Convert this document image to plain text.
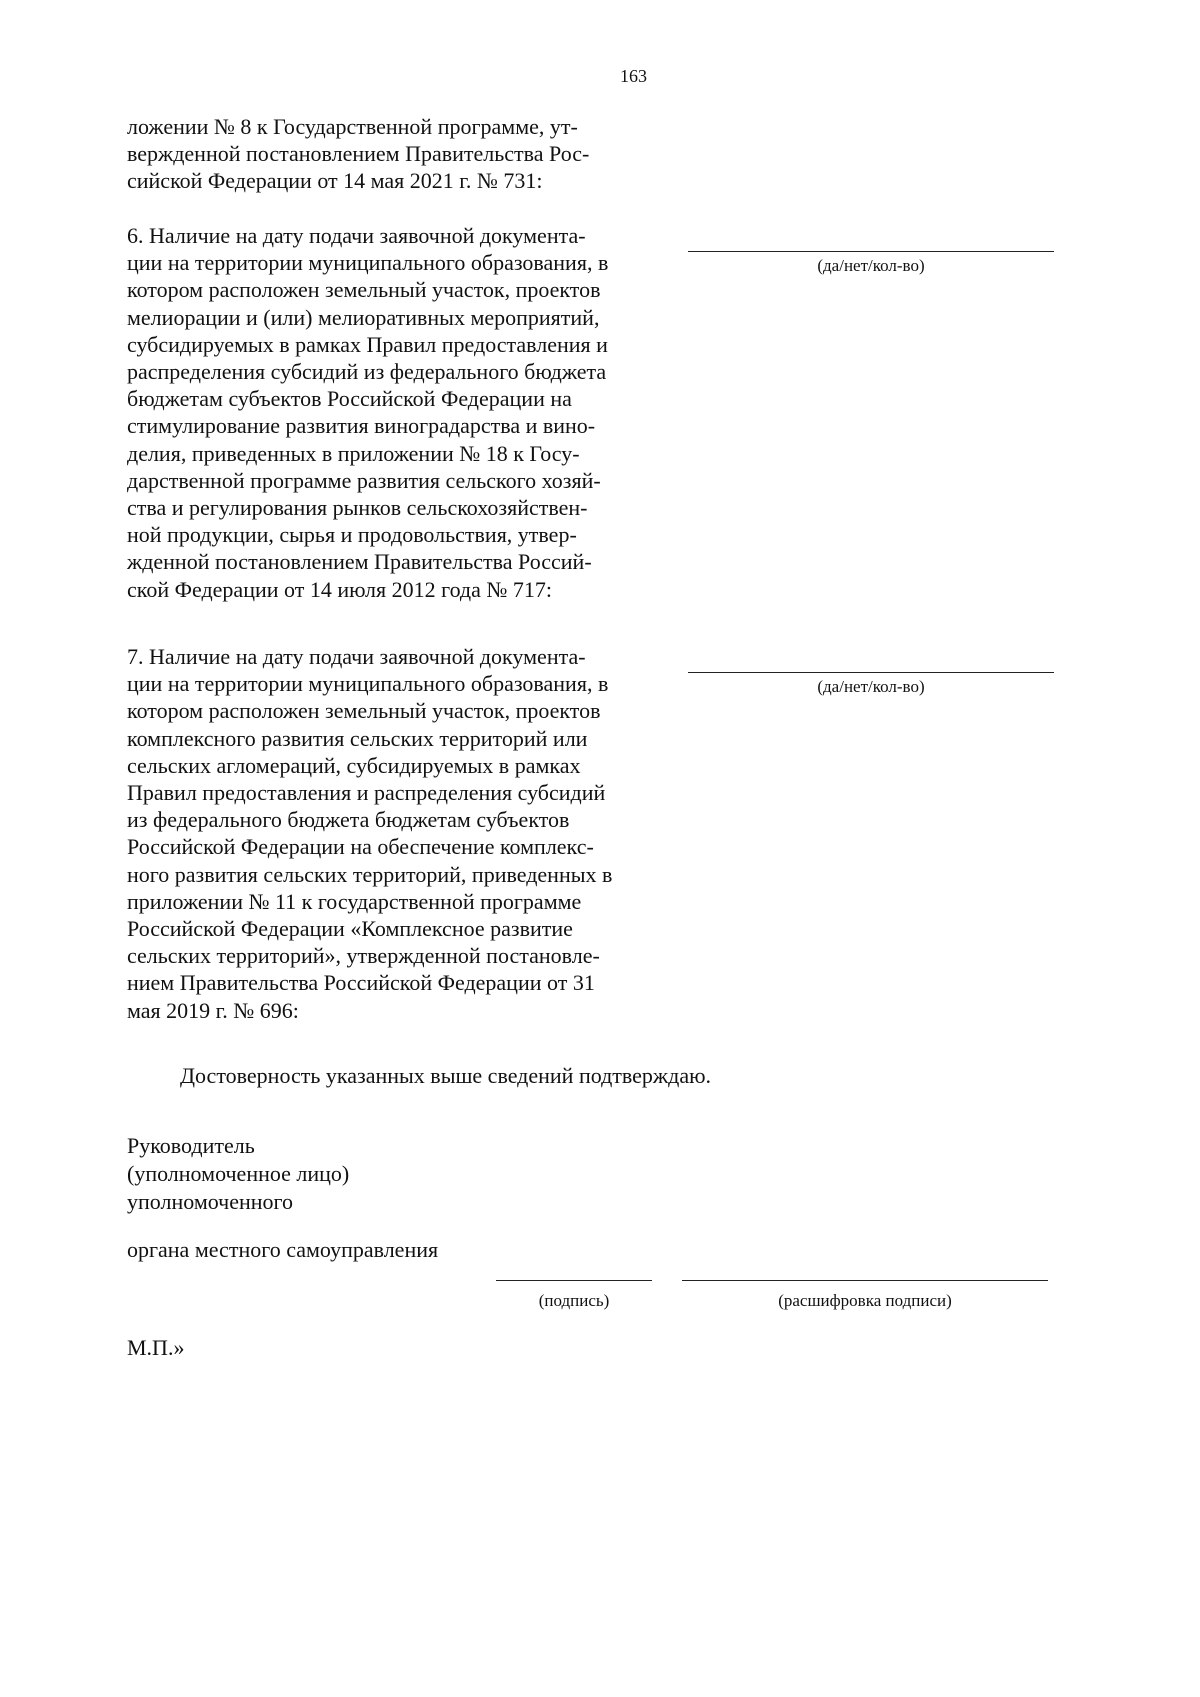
163
ложении № 8 к Государственной программе, ут-
вержденной постановлением Правительства Рос-
сийской Федерации от 14 мая 2021 г. № 731:
6. Наличие на дату подачи заявочной документа-
ции на территории муниципального образования, в
котором расположен земельный участок, проектов
мелиорации и (или) мелиоративных мероприятий,
субсидируемых в рамках Правил предоставления и
распределения субсидий из федерального бюджета
бюджетам субъектов Российской Федерации на
стимулирование развития виноградарства и вино-
делия, приведенных в приложении № 18 к Госу-
дарственной программе развития сельского хозяй-
ства и регулирования рынков сельскохозяйствен-
ной продукции, сырья и продовольствия, утвер-
жденной постановлением Правительства Россий-
ской Федерации от 14 июля 2012 года № 717:
(да/нет/кол-во)
7. Наличие на дату подачи заявочной документа-
ции на территории муниципального образования, в
котором расположен земельный участок, проектов
комплексного развития сельских территорий или
сельских агломераций, субсидируемых в рамках
Правил предоставления и распределения субсидий
из федерального бюджета бюджетам субъектов
Российской Федерации на обеспечение комплекс-
ного развития сельских территорий, приведенных в
приложении № 11 к государственной программе
Российской Федерации «Комплексное развитие
сельских территорий», утвержденной постановле-
нием Правительства Российской Федерации от 31
мая 2019 г. № 696:
(да/нет/кол-во)
Достоверность указанных выше сведений подтверждаю.
Руководитель
(уполномоченное лицо)
уполномоченного
органа местного самоуправления
(подпись)	(расшифровка подписи)
М.П.»
